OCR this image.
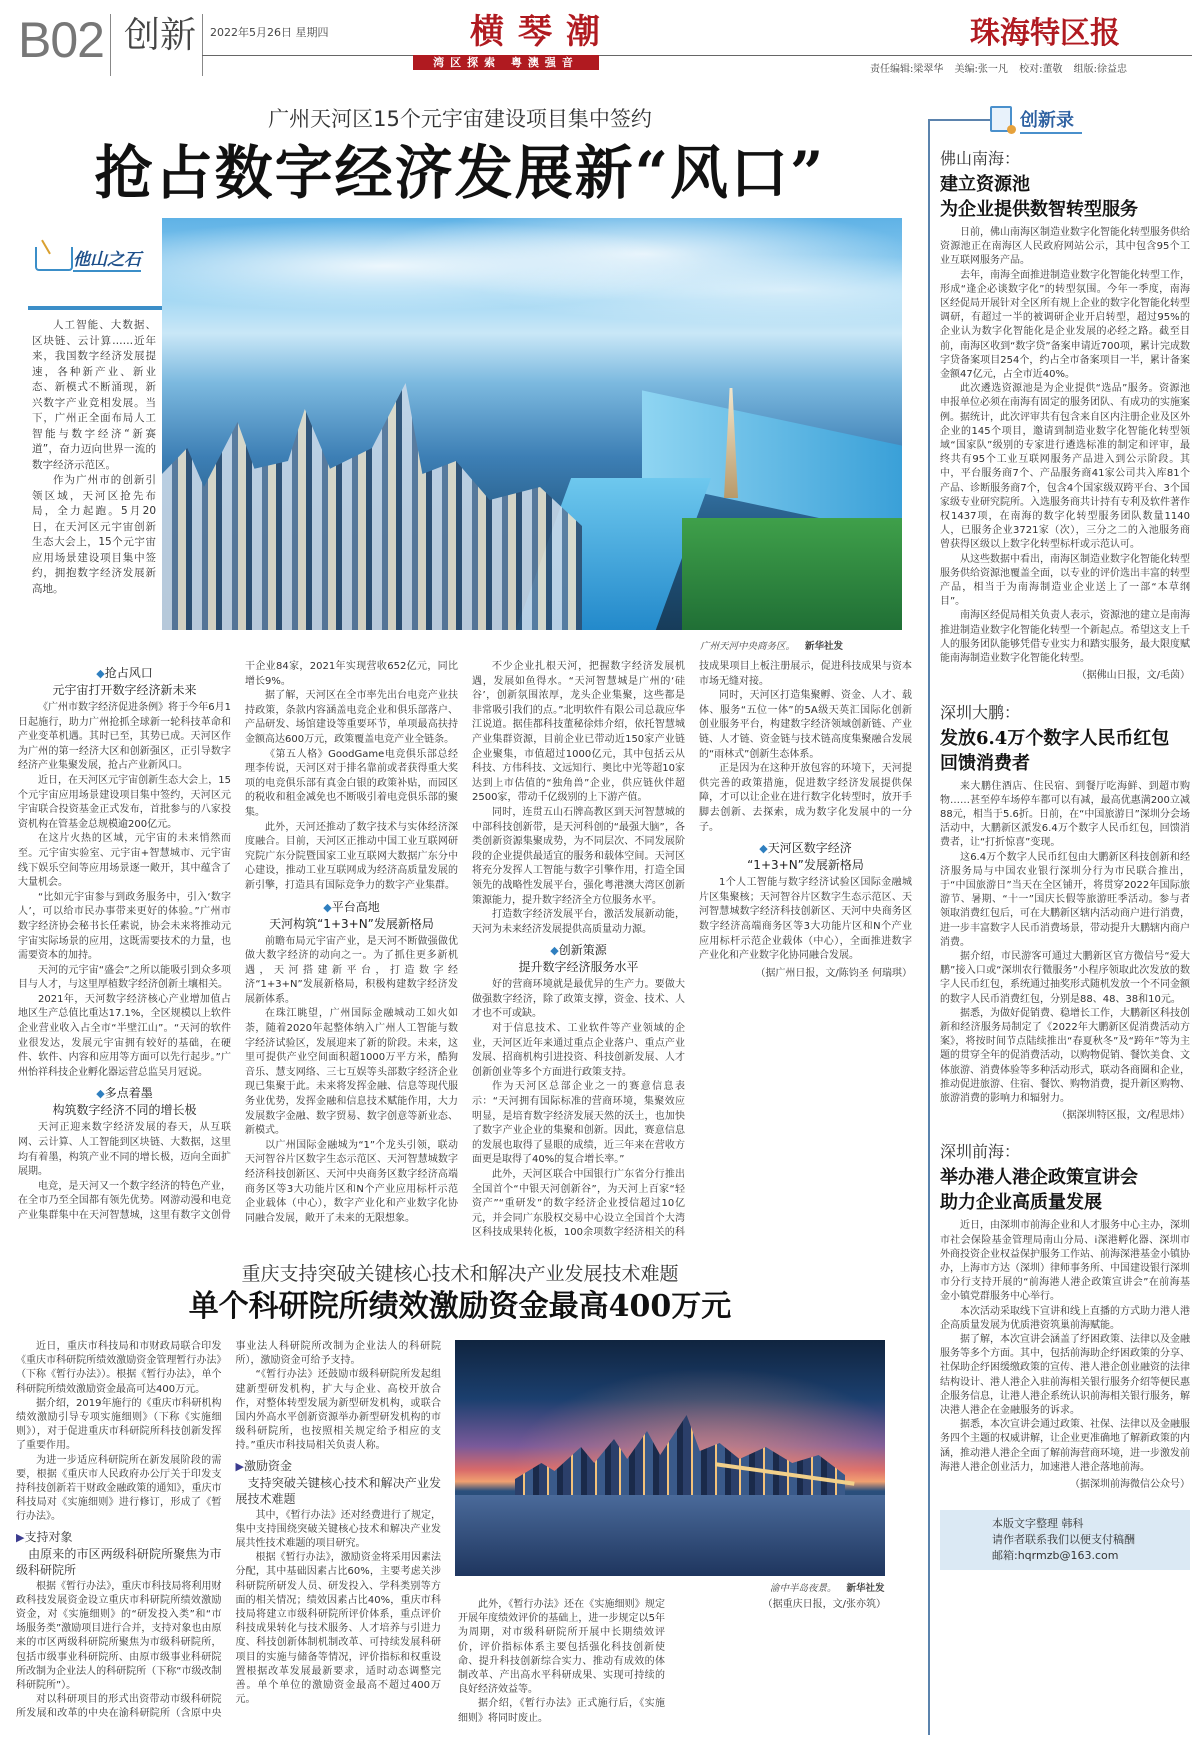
B02 创新 2022年5月26日 星期四	横琴潮
湾区探索 粤澳强音
珠海特区报
责任编辑:梁翠华 美编:张一凡 校对:董敬 组版:徐益忠
广州天河区15个元宇宙建设项目集中签约
抢占数字经济发展新“风口”
他山之石

人工智能、大数据、区块链、云计算……近年来，我国数字经济发展提速，各种新产业、新业态、新模式不断涌现，新兴数字产业竞相发展。当下，广州正全面布局人工智能与数字经济“新赛道”，奋力迈向世界一流的数字经济示范区。

作为广州市的创新引领区域，天河区抢先布局，全力起跑。5月20日，在天河区元宇宙创新生态大会上，15个元宇宙应用场景建设项目集中签约，拥抱数字经济发展新高地。

广州天河中央商务区。 新华社发
◆抢占风口
元宇宙打开数字经济新未来

《广州市数字经济促进条例》将于今年6月1日起施行，助力广州抢抓全球新一轮科技革命和产业变革机遇。其时已至，其势已成。天河区作为广州的第一经济大区和创新强区，正引导数字经济产业集聚发展，抢占产业新风口。

近日，在天河区元宇宙创新生态大会上，15个元宇宙应用场景建设项目集中签约，天河区元宇宙联合投资基金正式发布，首批参与的八家投资机构在管基金总规模逾200亿元。

在这片火热的区域，元宇宙的未来悄然而至。元宇宙实验室、元宇宙+智慧城市、元宇宙线下娱乐空间等应用场景逐一敞开，其中蕴含了大量机会。

“比如元宇宙参与到政务服务中，引入‘数字人’，可以给市民办事带来更好的体验。”广州市数字经济协会秘书长任素说，协会未来将推动元宇宙实际场景的应用，这既需要技术的力量，也需要资本的加持。

天河的元宇宙“盛会”之所以能吸引到众多项目与人才，与这里厚植数字经济创新土壤相关。

2021年，天河数字经济核心产业增加值占地区生产总值比重达17.1%，全区规模以上软件企业营业收入占全市“半壁江山”。“天河的软件业很发达，发展元宇宙拥有较好的基础，在硬件、软件、内容和应用等方面可以先行起步。”广州怡祥科技企业孵化器运营总监吴月冠说。

◆多点着墨
构筑数字经济不同的增长极

天河正迎来数字经济发展的春天，从互联网、云计算、人工智能到区块链、大数据，这里均有着墨，构筑产业不同的增长极，迈向全面扩展期。

电竞，是天河又一个数字经济的特色产业，在全市乃至全国都有领先优势。网游动漫和电竞产业集群集中在天河智慧城，这里有数字文创骨干企业84家，2021年实现营收652亿元，同比增长9%。

据了解，天河区在全市率先出台电竞产业扶持政策，条款内容涵盖电竞企业和俱乐部落户、产品研发、场馆建设等重要环节，单项最高扶持金额高达600万元，政策覆盖电竞产业全链条。

《第五人格》GoodGame电竞俱乐部总经理李传说，天河区对于排名靠前或者获得重大奖项的电竞俱乐部有真金白银的政策补贴，而园区的税收和租金减免也不断吸引着电竞俱乐部的聚集。

此外，天河还推动了数字技术与实体经济深度融合。目前，天河区正推动中国工业互联网研究院广东分院暨国家工业互联网大数据广东分中心建设，推动工业互联网成为经济高质量发展的新引擎，打造具有国际竞争力的数字产业集群。

◆平台高地
天河构筑“1+3+N”发展新格局

前瞻布局元宇宙产业，是天河不断做强做优做大数字经济的动向之一。为了抓住更多新机遇，天河搭建新平台，打造数字经济“1+3+N”发展新格局，积极构建数字经济发展新体系。

在珠江眺望，广州国际金融城动工如火如荼，随着2020年起整体纳入广州人工智能与数字经济试验区，发展迎来了新的阶段。未来，这里可提供产业空间面积超1000万平方米，酷狗音乐、慧支网络、三七互娱等头部数字经济企业现已集聚于此。未来将发挥金融、信息等现代服务业优势，发挥金融和信息技术赋能作用，大力发展数字金融、数字贸易、数字创意等新业态、新模式。

以广州国际金融城为“1”个龙头引领，联动天河智谷片区数字生态示范区、天河智慧城数字经济科技创新区、天河中央商务区数字经济高端商务区等3大功能片区和N个产业应用标杆示范企业载体（中心），数字产业化和产业数字化协同融合发展，敞开了未来的无限想象。

不少企业扎根天河，把握数字经济发展机遇，发展如鱼得水。“天河智慧城是广州的‘硅谷’，创新氛围浓厚，龙头企业集聚，这些都是非常吸引我们的点。”北明软件有限公司总裁应华江说道。据佳都科技董秘徐炜介绍，依托智慧城产业集群资源，目前企业已带动近150家产业链企业聚集，市值超过1000亿元，其中包括云从科技、方伟科技、文远知行、奥比中光等超10家达到上市估值的“独角兽”企业，供应链伙伴超2500家，带动千亿级别的上下游产值。

同时，连贯五山石牌高教区到天河智慧城的中部科技创新带，是天河科创的“最强大脑”，各类创新资源集聚成势，为不同层次、不同发展阶段的企业提供最适宜的服务和载体空间。天河区将充分发挥人工智能与数字引擎作用，打造全国领先的战略性发展平台，强化粤港澳大湾区创新策源能力，提升数字经济全方位服务水平。

打造数字经济发展平台，激活发展新动能，天河为未来经济发展提供高质量动力源。

◆创新策源
提升数字经济服务水平

好的营商环境就是最优异的生产力。要做大做强数字经济，除了政策支撑，资金、技术、人才也不可或缺。

对于信息技术、工业软件等产业领域的企业，天河区近年来通过重点企业落户、重点产业发展、招商机构引进投资、科技创新发展、人才创新创业等多个方面进行政策支持。

作为天河区总部企业之一的赛意信息表示：“天河拥有国际标准的营商环境，集聚效应明显，是培育数字经济发展天然的沃土，也加快了数字产业企业的集聚和创新。因此，赛意信息的发展也取得了显眼的成绩，近三年来在营收方面更是取得了40%的复合增长率。”

此外，天河区联合中国银行广东省分行推出全国首个“中银天河创新谷”，为天河上百家“轻资产”“重研发”的数字经济企业授信超过10亿元，并会同广东股权交易中心设立全国首个大湾区科技成果转化板，100余项数字经济相关的科技成果项目上板注册展示，促进科技成果与资本市场无缝对接。

同时，天河区打造集聚孵、资金、人才、载体、服务“五位一体”的5A级天英汇国际化创新创业服务平台，构建数字经济领域创新链、产业链、人才链、资金链与技术链高度集聚融合发展的“雨林式”创新生态体系。

正是因为在这种开放包容的环境下，天河提供完善的政策措施，促进数字经济发展提供保障，才可以让企业在进行数字化转型时，放开手脚去创新、去探索，成为数字化发展中的一分子。

◆天河区数字经济
“1+3+N”发展新格局

1个人工智能与数字经济试验区国际金融城片区集聚核；天河智谷片区数字生态示范区、天河智慧城数字经济科技创新区、天河中央商务区数字经济高端商务区等3大功能片区和N个产业应用标杆示范企业载体（中心），全面推进数字产业化和产业数字化协同融合发展。

（据广州日报，文/陈钧圣 何瑞琪）
创新录
佛山南海：
建立资源池
为企业提供数智转型服务

日前，佛山南海区制造业数字化智能化转型服务供给资源池正在南海区人民政府网站公示，其中包含95个工业互联网服务产品。

去年，南海全面推进制造业数字化智能化转型工作，形成“逢企必谈数字化”的转型氛围。今年一季度，南海区经促局开展针对全区所有规上企业的数字化智能化转型调研，有超过一半的被调研企业开启转型，超过95%的企业认为数字化智能化是企业发展的必经之路。截至目前，南海区收到“数字贷”备案申请近700项，累计完成数字贷备案项目254个，约占全市备案项目一半，累计备案金额47亿元，占全市近40%。

此次遴选资源池是为企业提供“选品”服务。资源池申报单位必须在南海有固定的服务团队、有成功的实施案例。据统计，此次评审共有包含来自区内注册企业及区外企业的145个项目，邀请到制造业数字化智能化转型领域“国家队”级别的专家进行遴选标准的制定和评审，最终共有95个工业互联网服务产品进入到公示阶段。其中，平台服务商7个、产品服务商41家公司共入库81个产品、诊断服务商7个，包含4个国家级双跨平台、3个国家级专业研究院所。入选服务商共计持有专利及软件著作权1437项，在南海的数字化转型服务团队数量1140人，已服务企业3721家（次），三分之二的入池服务商曾获得区级以上数字化转型标杆或示范认可。

从这些数据中看出，南海区制造业数字化智能化转型服务供给资源池覆盖全面，以专业的评价选出丰富的转型产品，相当于为南海制造业企业送上了一部“本草纲目”。

南海区经促局相关负责人表示，资源池的建立是南海推进制造业数字化智能化转型一个新起点。希望这支上千人的服务团队能够凭借专业实力和踏实服务，最大限度赋能南海制造业数字化智能化转型。

（据佛山日报，文/毛茵）
深圳大鹏：
发放6.4万个数字人民币红包
回馈消费者

来大鹏住酒店、住民宿、到餐厅吃海鲜、到超市购物……甚至停车场停车都可以有减，最高优惠满200立减88元，相当于5.6折。日前，在“中国旅游日”深圳分会场活动中，大鹏新区派发6.4万个数字人民币红包，回馈消费者，让“打折惊喜”变现。

这6.4万个数字人民币红包由大鹏新区科技创新和经济服务局与中国农业银行深圳分行为市民联合推出，于“中国旅游日”当天在全区铺开，将贯穿2022年国际旅游节、暑期、“十一”国庆长假等旅游旺季活动。参与者领取消费红包后，可在大鹏新区辖内活动商户进行消费，进一步丰富数字人民币消费场景，带动提升大鹏辖内商户消费。

据介绍，市民游客可通过大鹏新区官方微信号“爱大鹏”接入口或“深圳农行微服务”小程序领取此次发放的数字人民币红包，系统通过抽奖形式随机发放一个不同金额的数字人民币消费红包，分别是88、48、38和10元。

据悉，为做好促销费、稳增长工作，大鹏新区科技创新和经济服务局制定了《2022年大鹏新区促消费活动方案》，将按时间节点陆续推出“春夏秋冬”及“跨年”等为主题的贯穿全年的促消费活动，以购物促销、餐饮美食、文体旅游、消费体验等多种活动形式，联动各商圈和企业，推动促进旅游、住宿、餐饮、购物消费，提升新区购物、旅游消费的影响力和辐射力。

（据深圳特区报，文/程思炜）
深圳前海：
举办港人港企政策宣讲会
助力企业高质量发展

近日，由深圳市前海企业和人才服务中心主办，深圳市社会保险基金管理局南山分局、i深港孵化器、深圳市外商投资企业权益保护服务工作站、前海深港基金小镇协办，上海市方达（深圳）律师事务所、中国建设银行深圳市分行支持开展的“前海港人港企政策宣讲会”在前海基金小镇党群服务中心举行。

本次活动采取线下宣讲和线上直播的方式助力港人港企高质量发展为优质港资筑巢前海赋能。

据了解，本次宣讲会涵盖了纾困政策、法律以及金融服务等多个方面。其中，包括前海助企纾困政策的分享、社保助企纾困缓缴政策的宣传、港人港企创业融资的法律结构设计、港人港企入驻前海相关银行服务介绍等便民惠企服务信息，让港人港企系统认识前海相关银行服务，解决港人港企在金融服务的诉求。

据悉，本次宣讲会通过政策、社保、法律以及金融服务四个主题的权威讲解，让企业更准确地了解新政策的内涵，推动港人港企全面了解前海营商环境，进一步激发前海港人港企创业活力，加速港人港企落地前海。

（据深圳前海微信公众号）
本版文字整理 韩科
请作者联系我们以便支付稿酬
邮箱:hqrmzb@163.com
重庆支持突破关键核心技术和解决产业发展技术难题
单个科研院所绩效激励资金最高400万元

近日，重庆市科技局和市财政局联合印发《重庆市科研院所绩效激励资金管理暂行办法》（下称《暂行办法》）。根据《暂行办法》，单个科研院所绩效激励资金最高可达400万元。

据介绍，2019年施行的《重庆市科研机构绩效激励引导专项实施细则》（下称《实施细则》），对于促进重庆市科研院所科技创新发挥了重要作用。

为进一步适应科研院所在新发展阶段的需要，根据《重庆市人民政府办公厅关于印发支持科技创新若干财政金融政策的通知》，重庆市科技局对《实施细则》进行修订，形成了《暂行办法》。

▶支持对象
 由原来的市区两级科研院所聚焦为市级科研院所

根据《暂行办法》，重庆市科技局将利用财政科技发展资金设立重庆市科研院所绩效激励资金，对《实施细则》的“研发投入类”和“市场服务类”激励项目进行合并，支持对象也由原来的市区两级科研院所聚焦为市级科研院所，包括市级事业科研院所、由原市级事业科研院所改制为企业法人的科研院所（下称“市级改制科研院所”）。

对以科研项目的形式出资带动市级科研院所发展和改革的中央在渝科研院所（含原中央事业法人科研院所改制为企业法人的科研院所），激励资金可给予支持。

“《暂行办法》还鼓励市级科研院所发起组建新型研发机构，扩大与企业、高校开放合作，对整体转型发展为新型研发机构，或联合国内外高水平创新资源举办新型研发机构的市级科研院所，也按照相关规定给予相应的支持。”重庆市科技局相关负责人称。

▶激励资金
 支持突破关键核心技术和解决产业发展技术难题

其中，《暂行办法》还对经费进行了规定，集中支持围绕突破关键核心技术和解决产业发展共性技术难题的项目研究。

根据《暂行办法》，激励资金将采用因素法分配，其中基础因素占比60%，主要考虑关涉科研院所研发人员、研发投入、学科类别等方面的相关情况；绩效因素占比40%，重庆市科技局将建立市级科研院所评价体系，重点评价科技成果转化与技术服务、人才培养与引进力度、科技创新体制机制改革、可持续发展科研项目的实施与储备等情况，评价指标和权重设置根据改革发展最新要求，适时动态调整完善。单个单位的激励资金最高不超过400万元。

渝中半岛夜景。 新华社发

此外，《暂行办法》还在《实施细则》规定开展年度绩效评价的基础上，进一步规定以5年为周期，对市级科研院所开展中长期绩效评价，评价指标体系主要包括强化科技创新使命、提升科技创新综合实力、推动有成效的体制改革、产出高水平科研成果、实现可持续的良好经济效益等。

据介绍，《暂行办法》正式施行后，《实施细则》将同时废止。

（据重庆日报，文/张亦筑）
